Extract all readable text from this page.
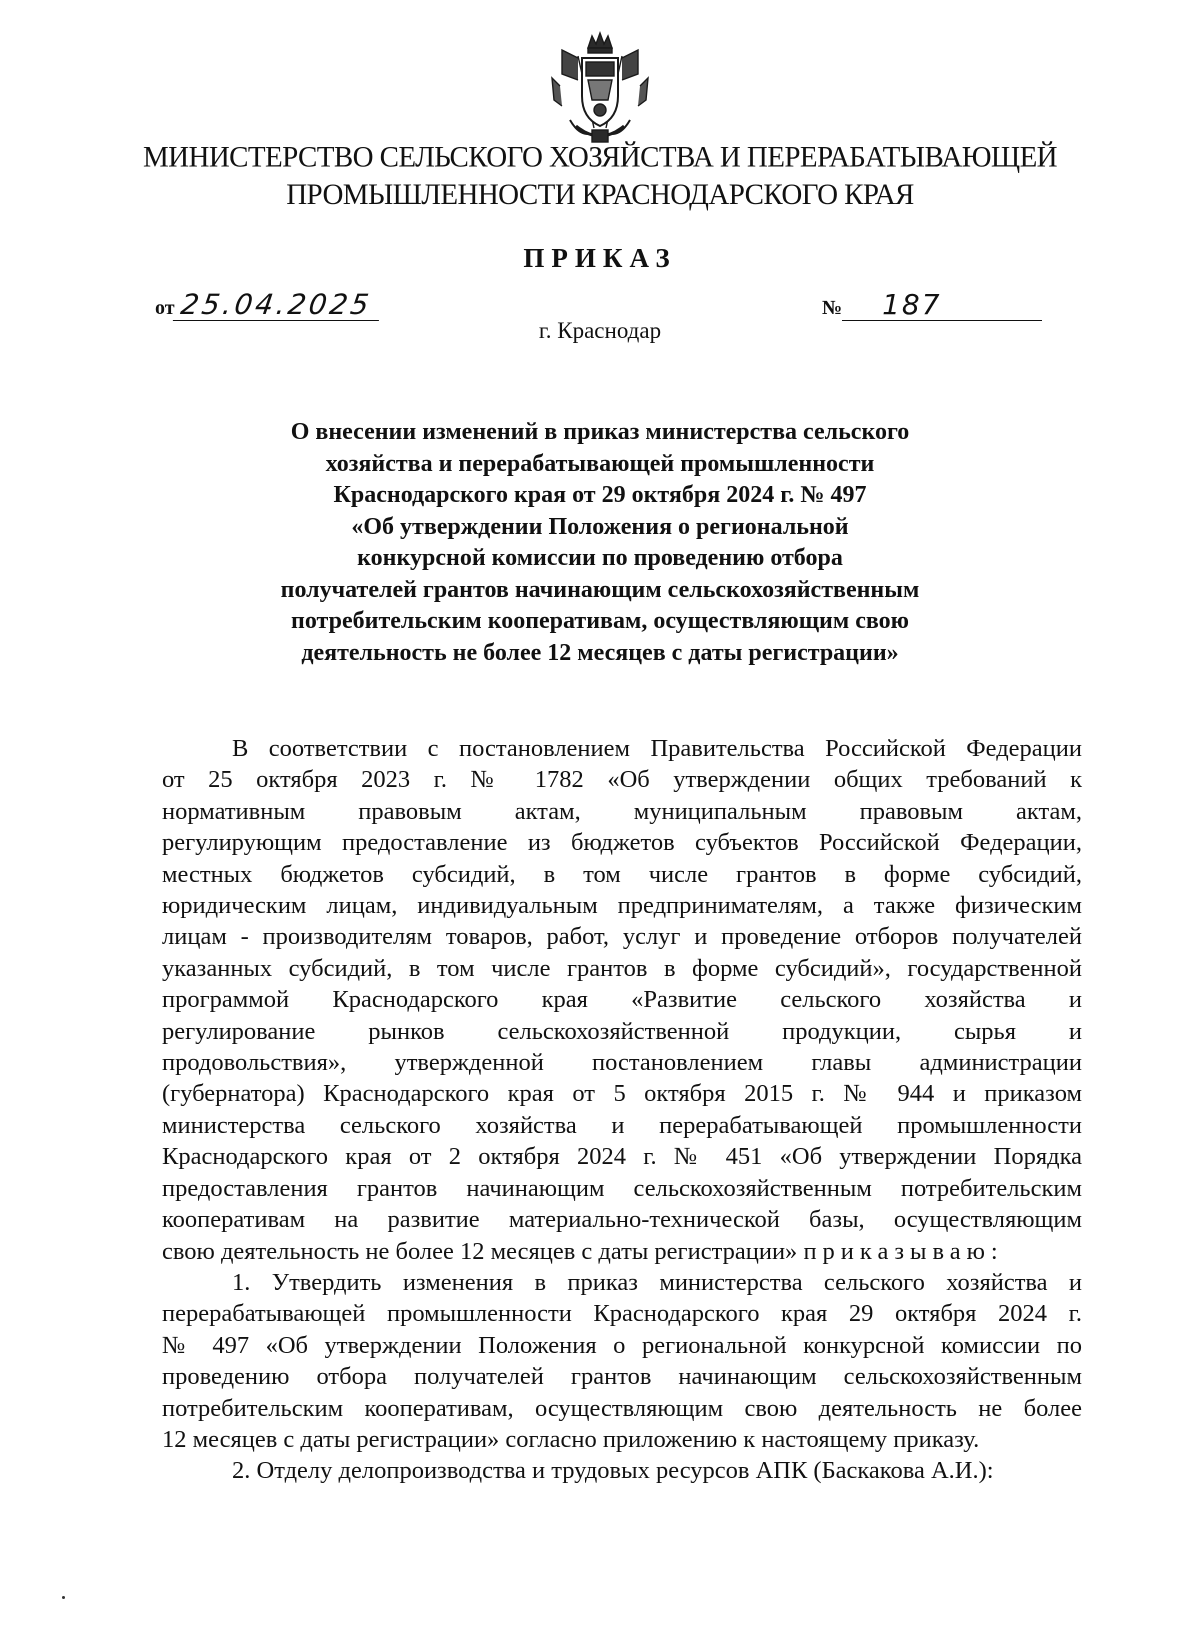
МИНИСТЕРСТВО СЕЛЬСКОГО ХОЗЯЙСТВА И ПЕРЕРАБАТЫВАЮЩЕЙ
ПРОМЫШЛЕННОСТИ КРАСНОДАРСКОГО КРАЯ
ПРИКАЗ
от 25.04.2025	№ 187
г. Краснодар
О внесении изменений в приказ министерства сельского
хозяйства и перерабатывающей промышленности
Краснодарского края от 29 октября 2024 г. № 497
«Об утверждении Положения о региональной
конкурсной комиссии по проведению отбора
получателей грантов начинающим сельскохозяйственным
потребительским кооперативам, осуществляющим свою
деятельность не более 12 месяцев с даты регистрации»
В соответствии с постановлением Правительства Российской Федерации
от 25 октября 2023 г. № 1782 «Об утверждении общих требований к
нормативным правовым актам, муниципальным правовым актам,
регулирующим предоставление из бюджетов субъектов Российской Федерации,
местных бюджетов субсидий, в том числе грантов в форме субсидий,
юридическим лицам, индивидуальным предпринимателям, а также физическим
лицам - производителям товаров, работ, услуг и проведение отборов получателей
указанных субсидий, в том числе грантов в форме субсидий», государственной
программой Краснодарского края «Развитие сельского хозяйства и
регулирование рынков сельскохозяйственной продукции, сырья и
продовольствия», утвержденной постановлением главы администрации
(губернатора) Краснодарского края от 5 октября 2015 г. № 944 и приказом
министерства сельского хозяйства и перерабатывающей промышленности
Краснодарского края от 2 октября 2024 г. № 451 «Об утверждении Порядка
предоставления грантов начинающим сельскохозяйственным потребительским
кооперативам на развитие материально-технической базы, осуществляющим
свою деятельность не более 12 месяцев с даты регистрации» приказываю:
1. Утвердить изменения в приказ министерства сельского хозяйства и
перерабатывающей промышленности Краснодарского края 29 октября 2024 г.
№ 497 «Об утверждении Положения о региональной конкурсной комиссии по
проведению отбора получателей грантов начинающим сельскохозяйственным
потребительским кооперативам, осуществляющим свою деятельность не более
12 месяцев с даты регистрации» согласно приложению к настоящему приказу.
2. Отделу делопроизводства и трудовых ресурсов АПК (Баскакова А.И.):
